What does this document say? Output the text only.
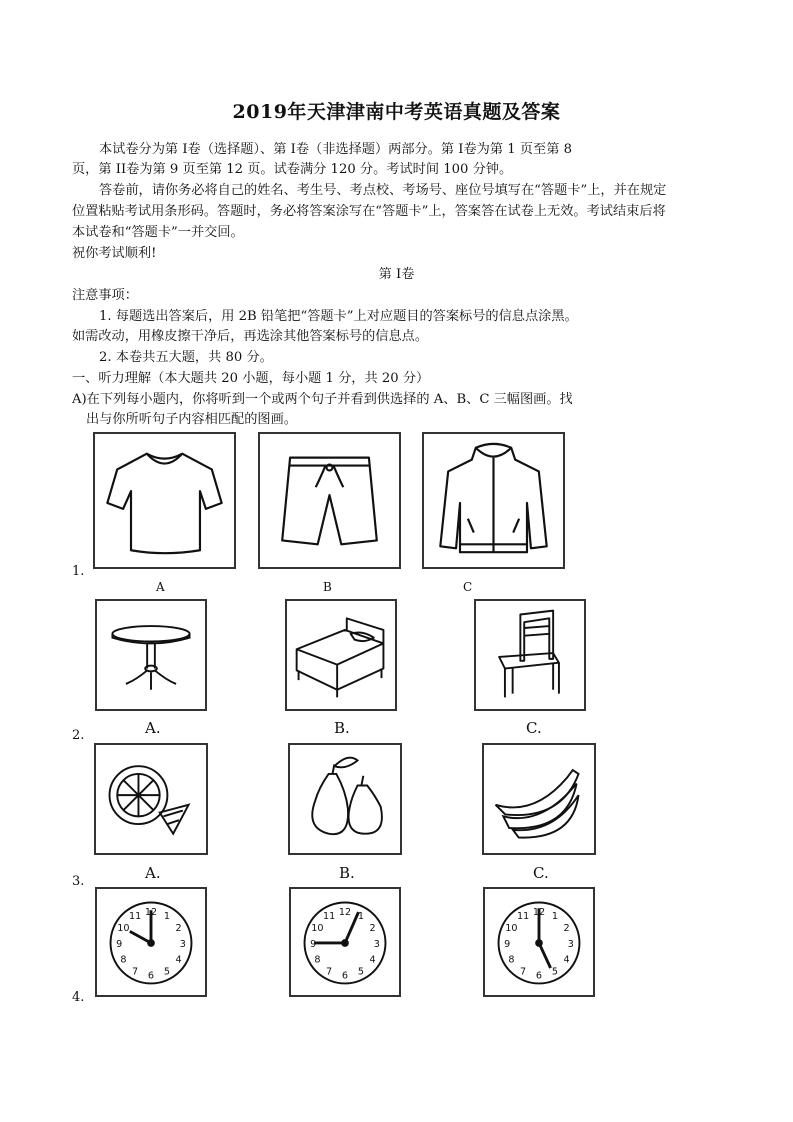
2019年天津津南中考英语真题及答案
本试卷分为第 I卷（选择题）、第 I卷（非选择题）两部分。第 I卷为第 1 页至第 8
页，第 II卷为第 9 页至第 12 页。试卷满分 120 分。考试时间 100 分钟。
答卷前，请你务必将自己的姓名、考生号、考点校、考场号、座位号填写在“答题卡”上，并在规定
位置粘贴考试用条形码。答题时，务必将答案涂写在“答题卡”上，答案答在试卷上无效。考试结束后将
本试卷和“答题卡”一并交回。
祝你考试顺利!
第 I卷
注意事项：
1. 每题选出答案后，用 2B 铅笔把“答题卡”上对应题目的答案标号的信息点涂黑。
如需改动，用橡皮擦干净后，再选涂其他答案标号的信息点。
2. 本卷共五大题，共 80 分。
一、听力理解（本大题共 20 小题，每小题 1 分，共 20 分）
A)在下列每小题内，你将听到一个或两个句子并看到供选择的 A、B、C 三幅图画。找
出与你所听句子内容相匹配的图画。
1.
A	B	C
2.	A.	B.	C.
3.	A.	B.	C.
4.
1
2
3
4
5
6
7
8
9
10
11 12	1
2
3
4
5
6
7
8
9
10
11 12	1
2
3
4
5
6
7
8
9
10
11 12
